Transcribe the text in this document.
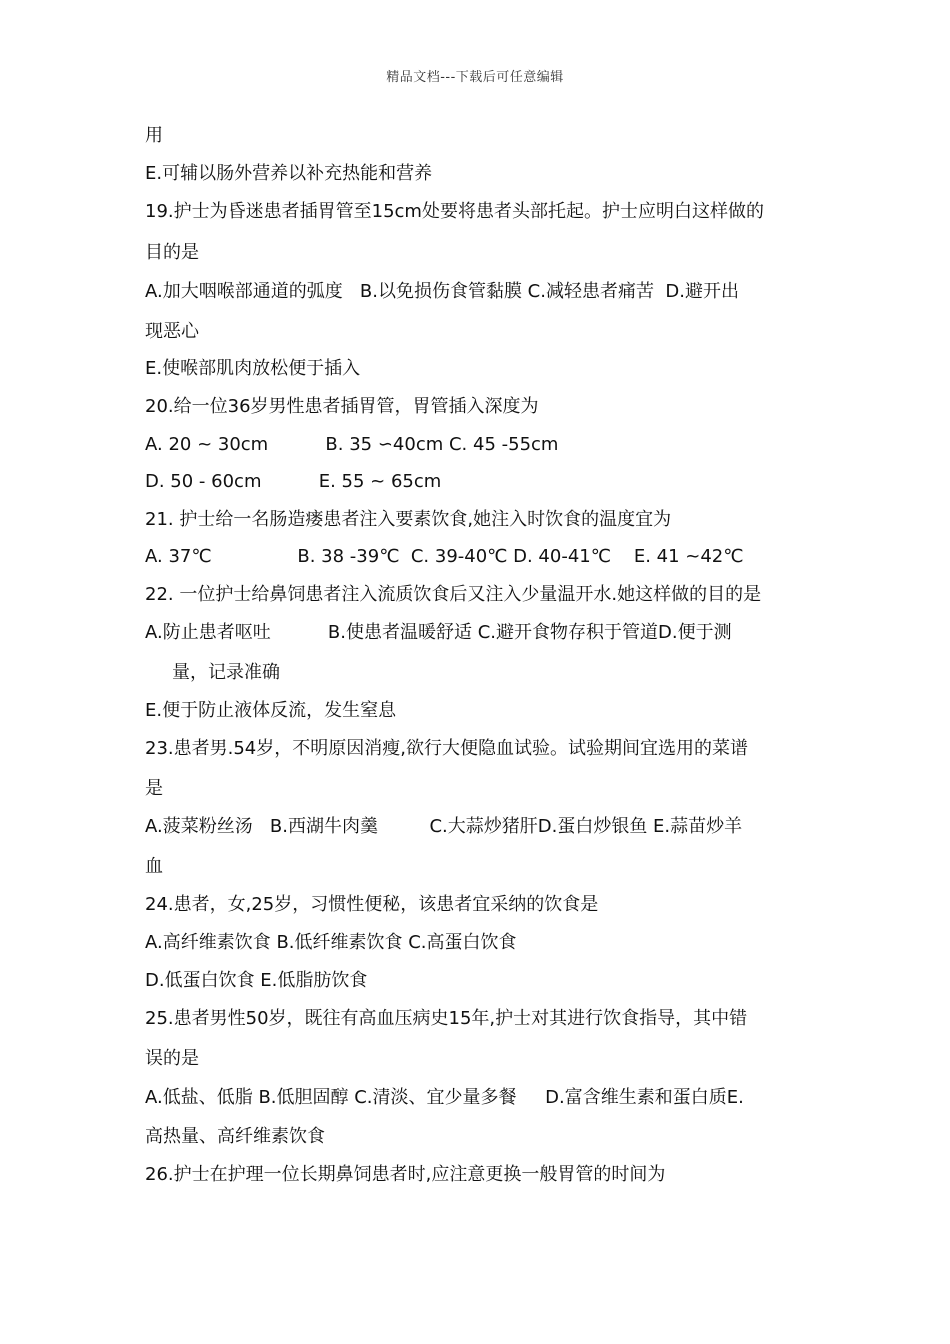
精品文档---下载后可任意编辑
用
E.可辅以肠外营养以补充热能和营养
19.护士为昏迷患者插胃管至15cm处要将患者头部托起。护士应明白这样做的
目的是
A.加大咽喉部通道的弧度   B.以免损伤食管黏膜 C.减轻患者痛苦  D.避开出
现恶心
E.使喉部肌肉放松便于插入
20.给一位36岁男性患者插胃管，胃管插入深度为
A. 20 ~ 30cm          B. 35 ∽40cm C. 45 -55cm
D. 50 - 60cm          E. 55 ~ 65cm
21. 护士给一名肠造瘘患者注入要素饮食,她注入时饮食的温度宜为
A. 37℃               B. 38 -39℃  C. 39-40℃ D. 40-41℃    E. 41 ~42℃
22. 一位护士给鼻饲患者注入流质饮食后又注入少量温开水.她这样做的目的是
A.防止患者呕吐          B.使患者温暖舒适 C.避开食物存积于管道D.便于测
量，记录准确
E.便于防止液体反流，发生窒息
23.患者男.54岁，不明原因消瘦,欲行大便隐血试验。试验期间宜选用的菜谱
是
A.菠菜粉丝汤   B.西湖牛肉羹         C.大蒜炒猪肝D.蛋白炒银鱼 E.蒜苗炒羊
血
24.患者，女,25岁，习惯性便秘，该患者宜采纳的饮食是
A.高纤维素饮食 B.低纤维素饮食 C.高蛋白饮食
D.低蛋白饮食 E.低脂肪饮食
25.患者男性50岁，既往有高血压病史15年,护士对其进行饮食指导，其中错
误的是
A.低盐、低脂 B.低胆固醇 C.清淡、宜少量多餐     D.富含维生素和蛋白质E.
高热量、高纤维素饮食
26.护士在护理一位长期鼻饲患者时,应注意更换一般胃管的时间为
